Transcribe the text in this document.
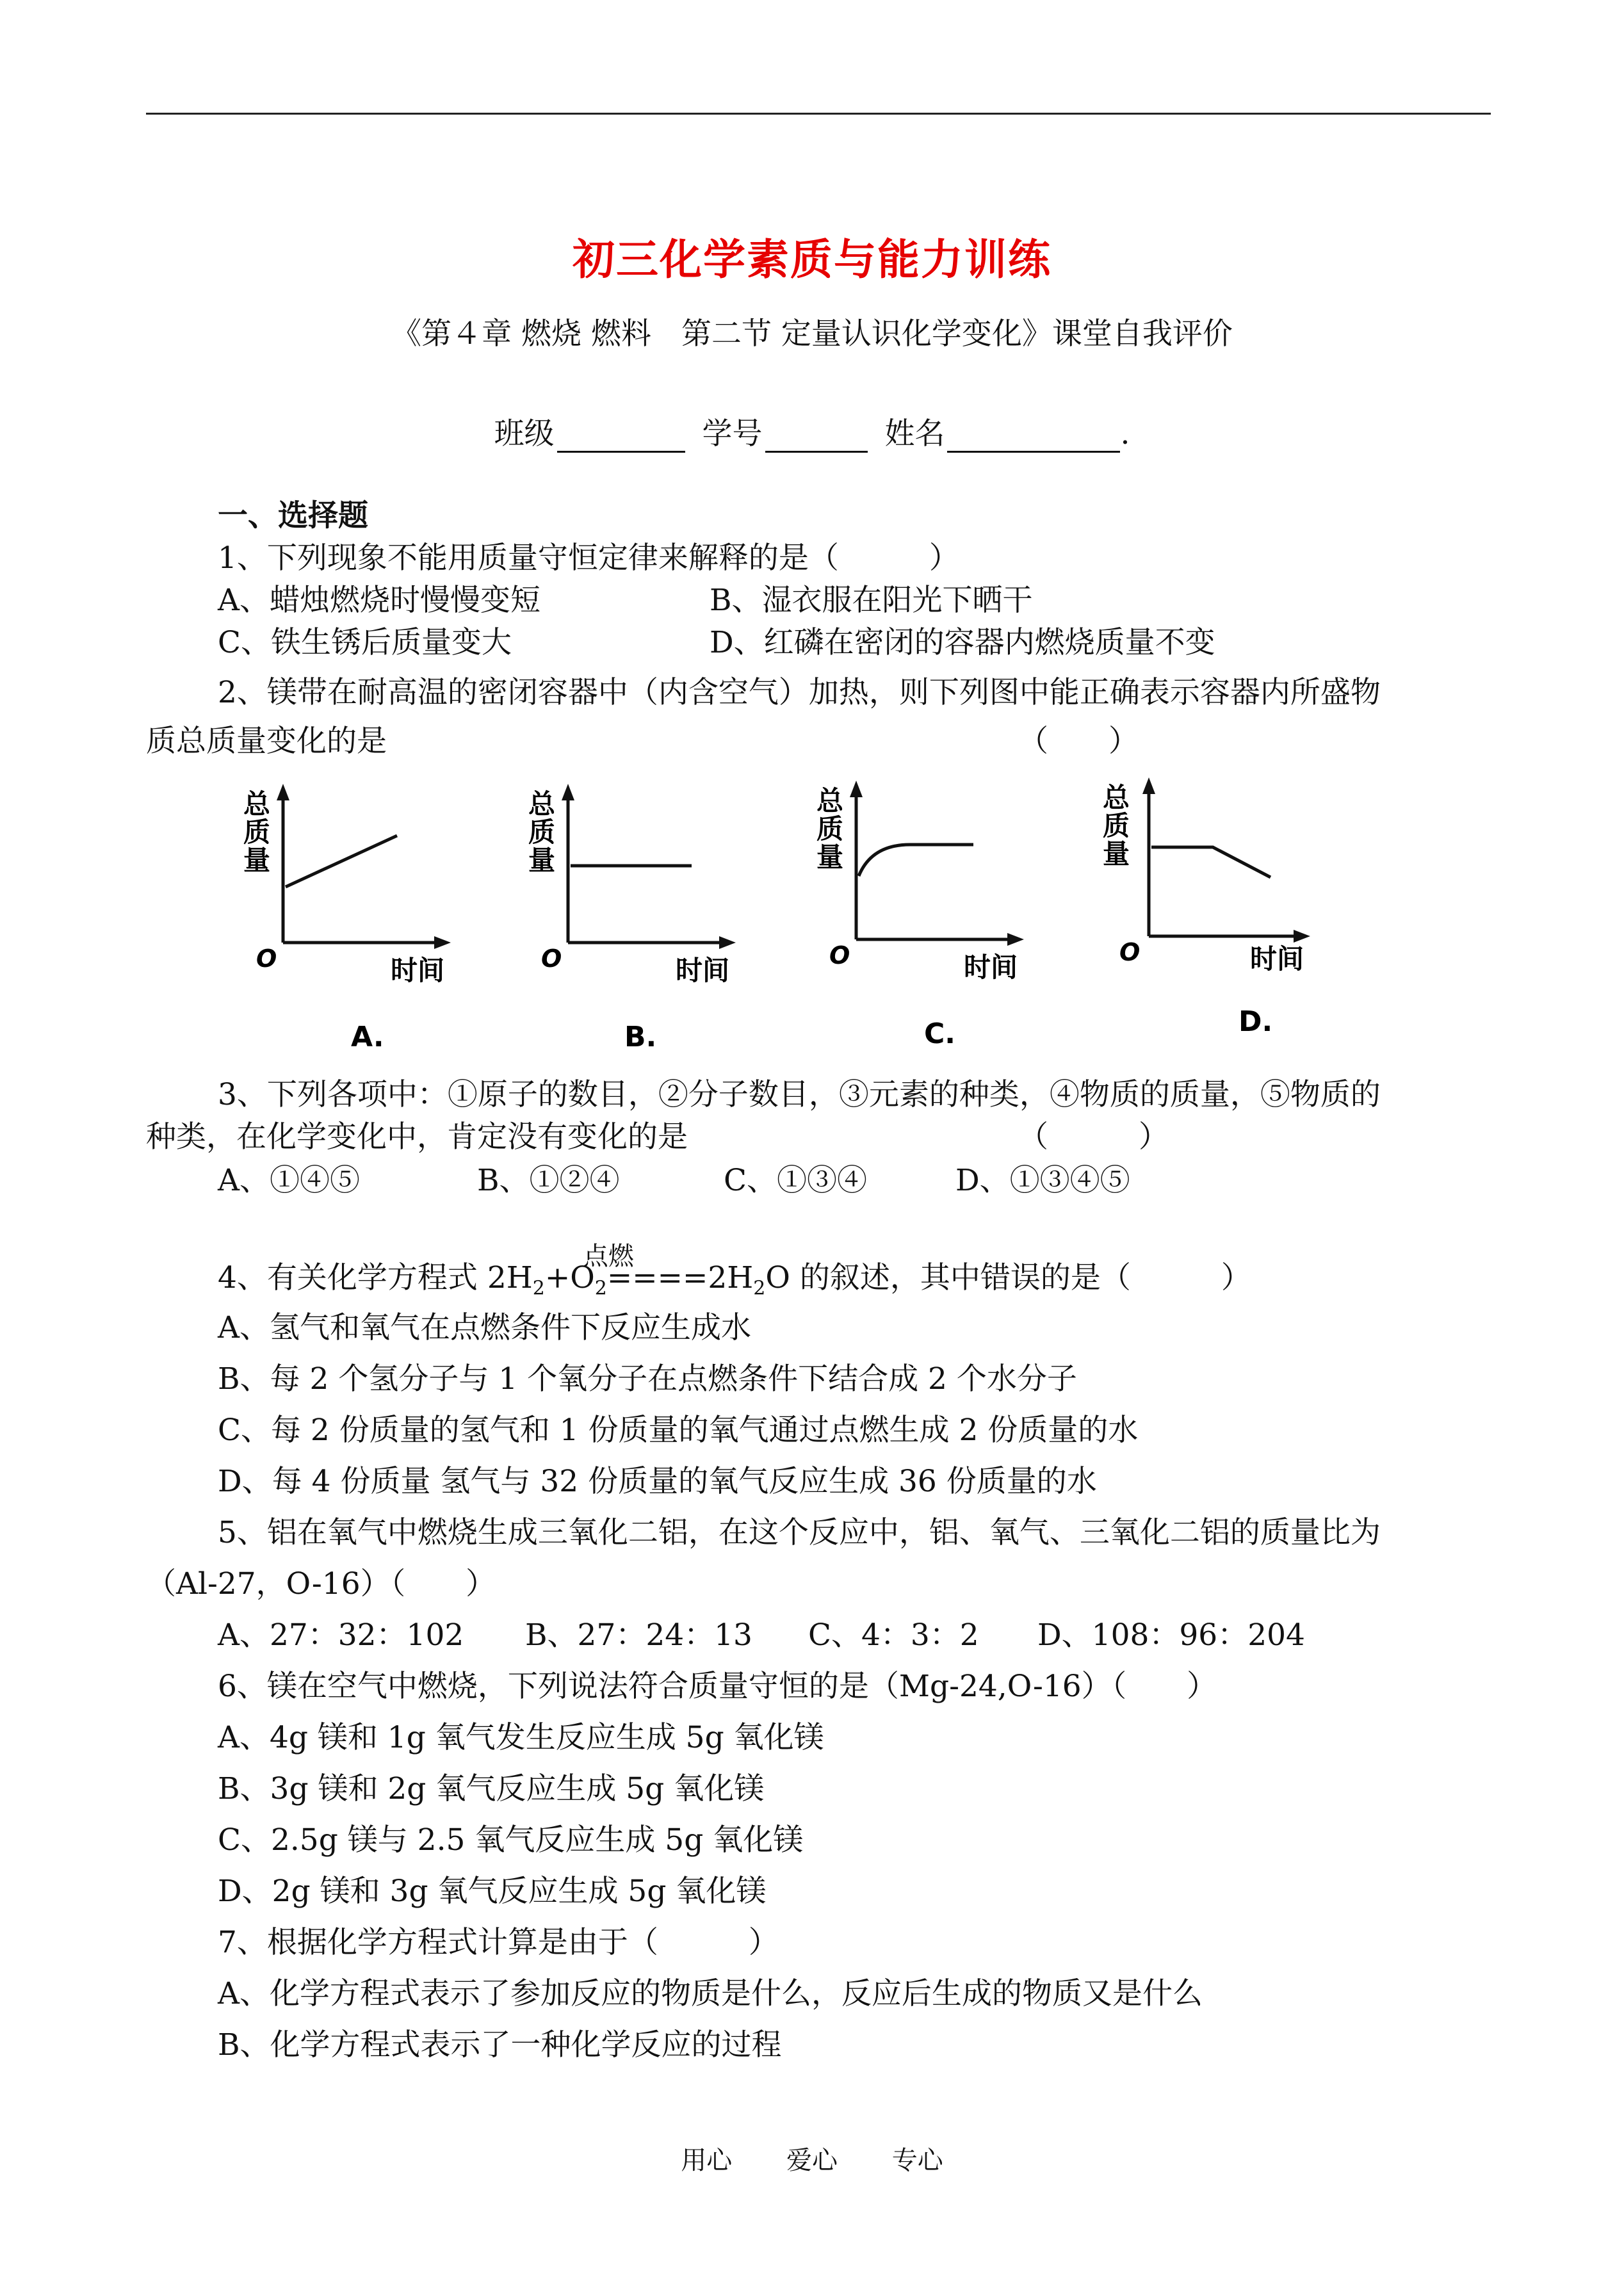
初三化学素质与能力训练
《第４章 燃烧 燃料　第二节 定量认识化学变化》课堂自我评价
班级	学号	姓名	.
一、选择题
1、下列现象不能用质量守恒定律来解释的是（　　　）
A、蜡烛燃烧时慢慢变短	B、湿衣服在阳光下晒干
C、铁生锈后质量变大	D、红磷在密闭的容器内燃烧质量不变
2、镁带在耐高温的密闭容器中（内含空气）加热，则下列图中能正确表示容器内所盛物
质总质量变化的是	（　　）
总
质
量
O	时间
A.
总
质
量
O	时间
B.
总
质
量
O	时间
C.
总
质
量
O	时间
D.
3、下列各项中：①原子的数目，②分子数目，③元素的种类，④物质的质量，⑤物质的
种类，在化学变化中，肯定没有变化的是	（　　　）
A、①④⑤	B、①②④	C、①③④	D、①③④⑤
4、有关化学方程式 $2H_2+O_2$
点燃
$====2H_2O$ 的叙述，其中错误的是（　　　）
A、氢气和氧气在点燃条件下反应生成水
B、每 2 个氢分子与 1 个氧分子在点燃条件下结合成 2 个水分子
C、每 2 份质量的氢气和 1 份质量的氧气通过点燃生成 2 份质量的水
D、每 4 份质量 氢气与 32 份质量的氧气反应生成 36 份质量的水
5、铝在氧气中燃烧生成三氧化二铝，在这个反应中，铝、氧气、三氧化二铝的质量比为
（Al-27，O-16）（　　）
A、27：32：102 B、27：24：13 C、4：3：2 D、108：96：204
6、镁在空气中燃烧，下列说法符合质量守恒的是（Mg-24,O-16）（　　）
A、4g 镁和 1g 氧气发生反应生成 5g 氧化镁
B、3g 镁和 2g 氧气反应生成 5g 氧化镁
C、2.5g 镁与 2.5 氧气反应生成 5g 氧化镁
D、2g 镁和 3g 氧气反应生成 5g 氧化镁
7、根据化学方程式计算是由于（　　　）
A、化学方程式表示了参加反应的物质是什么，反应后生成的物质又是什么
B、化学方程式表示了一种化学反应的过程
用心 爱心 专心
